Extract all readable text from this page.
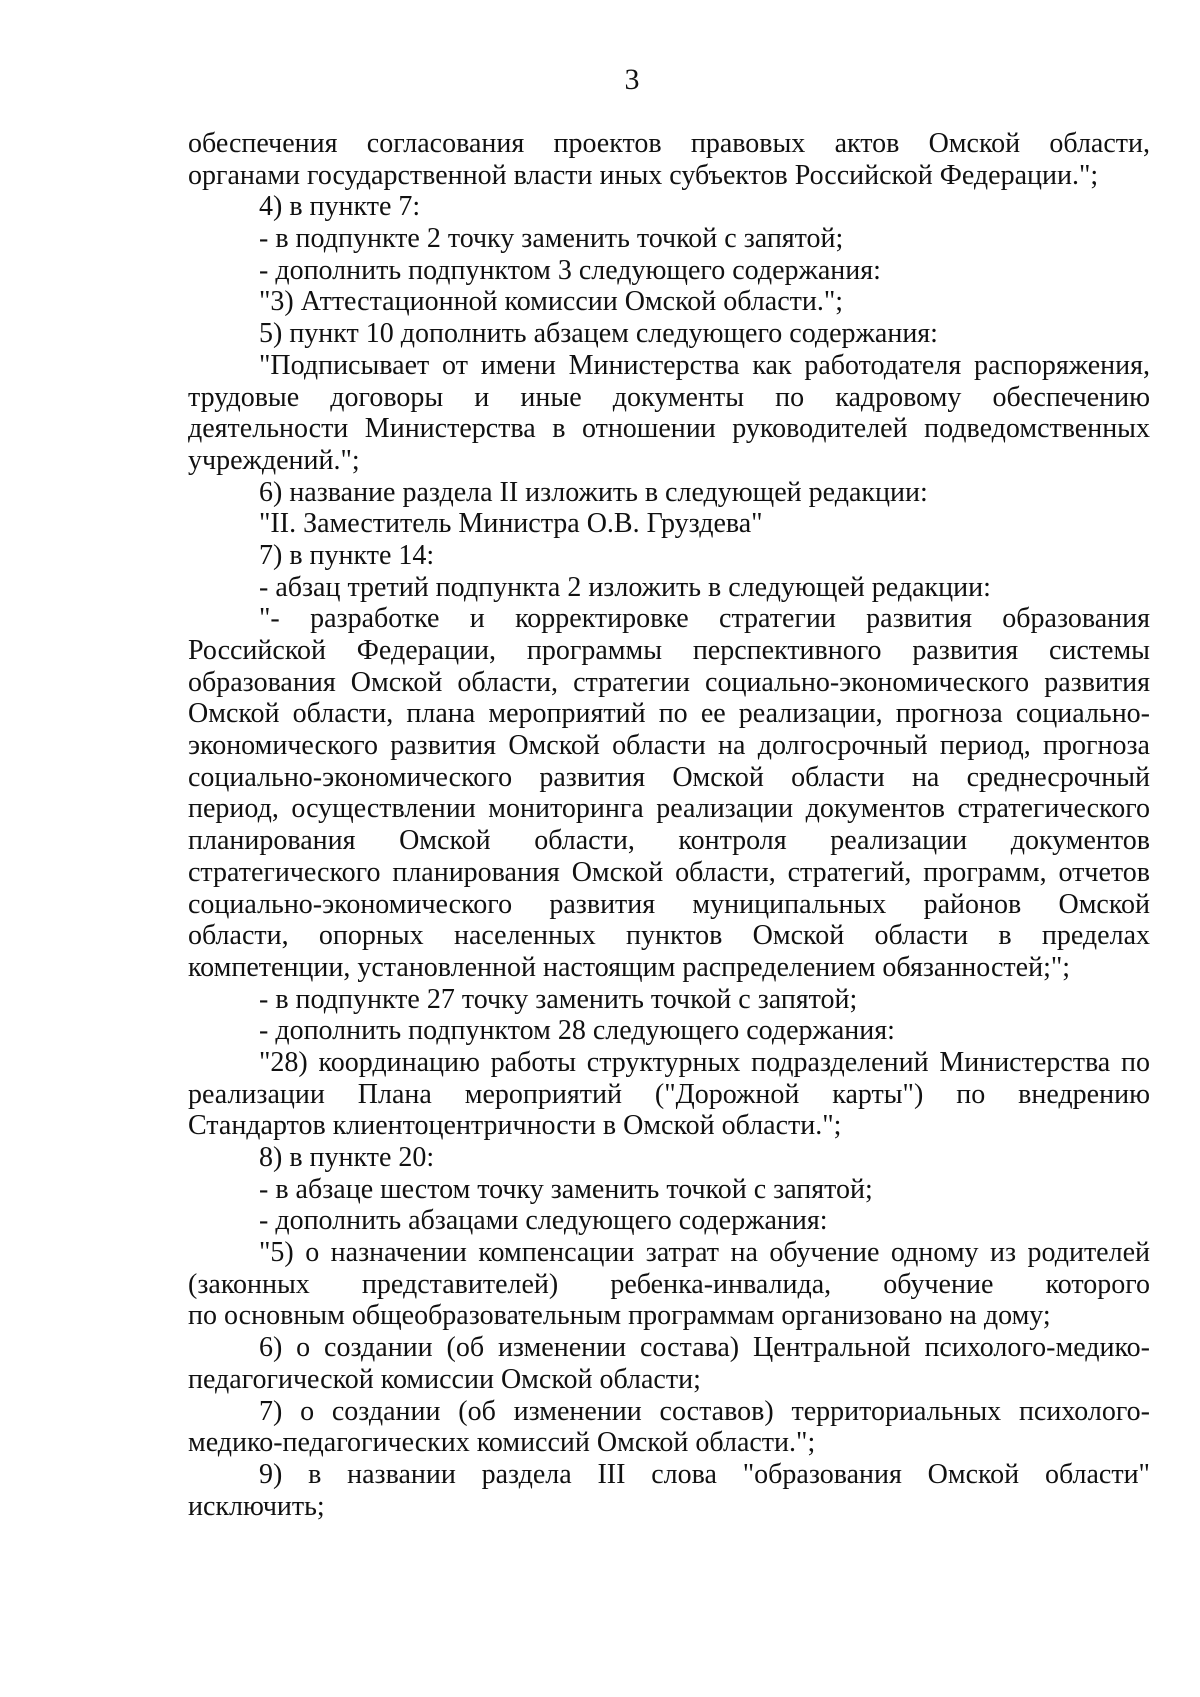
3
обеспечения согласования проектов правовых актов Омской области,
органами государственной власти иных субъектов Российской Федерации.";
4) в пункте 7:
- в подпункте 2 точку заменить точкой с запятой;
- дополнить подпунктом 3 следующего содержания:
"3) Аттестационной комиссии Омской области.";
5) пункт 10 дополнить абзацем следующего содержания:
"Подписывает от имени Министерства как работодателя распоряжения,
трудовые договоры и иные документы по кадровому обеспечению
деятельности Министерства в отношении руководителей подведомственных
учреждений.";
6) название раздела II изложить в следующей редакции:
"II. Заместитель Министра О.В. Груздева"
7) в пункте 14:
- абзац третий подпункта 2 изложить в следующей редакции:
"- разработке и корректировке стратегии развития образования
Российской Федерации, программы перспективного развития системы
образования Омской области, стратегии социально-экономического развития
Омской области, плана мероприятий по ее реализации, прогноза социально-
экономического развития Омской области на долгосрочный период, прогноза
социально-экономического развития Омской области на среднесрочный
период, осуществлении мониторинга реализации документов стратегического
планирования Омской области, контроля реализации документов
стратегического планирования Омской области, стратегий, программ, отчетов
социально-экономического развития муниципальных районов Омской
области, опорных населенных пунктов Омской области в пределах
компетенции, установленной настоящим распределением обязанностей;";
- в подпункте 27 точку заменить точкой с запятой;
- дополнить подпунктом 28 следующего содержания:
"28) координацию работы структурных подразделений Министерства по
реализации Плана мероприятий ("Дорожной карты") по внедрению
Стандартов клиентоцентричности в Омской области.";
8) в пункте 20:
- в абзаце шестом точку заменить точкой с запятой;
- дополнить абзацами следующего содержания:
"5) о назначении компенсации затрат на обучение одному из родителей
(законных представителей) ребенка-инвалида, обучение которого
по основным общеобразовательным программам организовано на дому;
6) о создании (об изменении состава) Центральной психолого-медико-
педагогической комиссии Омской области;
7) о создании (об изменении составов) территориальных психолого-
медико-педагогических комиссий Омской области.";
9) в названии раздела III слова "образования Омской области"
исключить;
